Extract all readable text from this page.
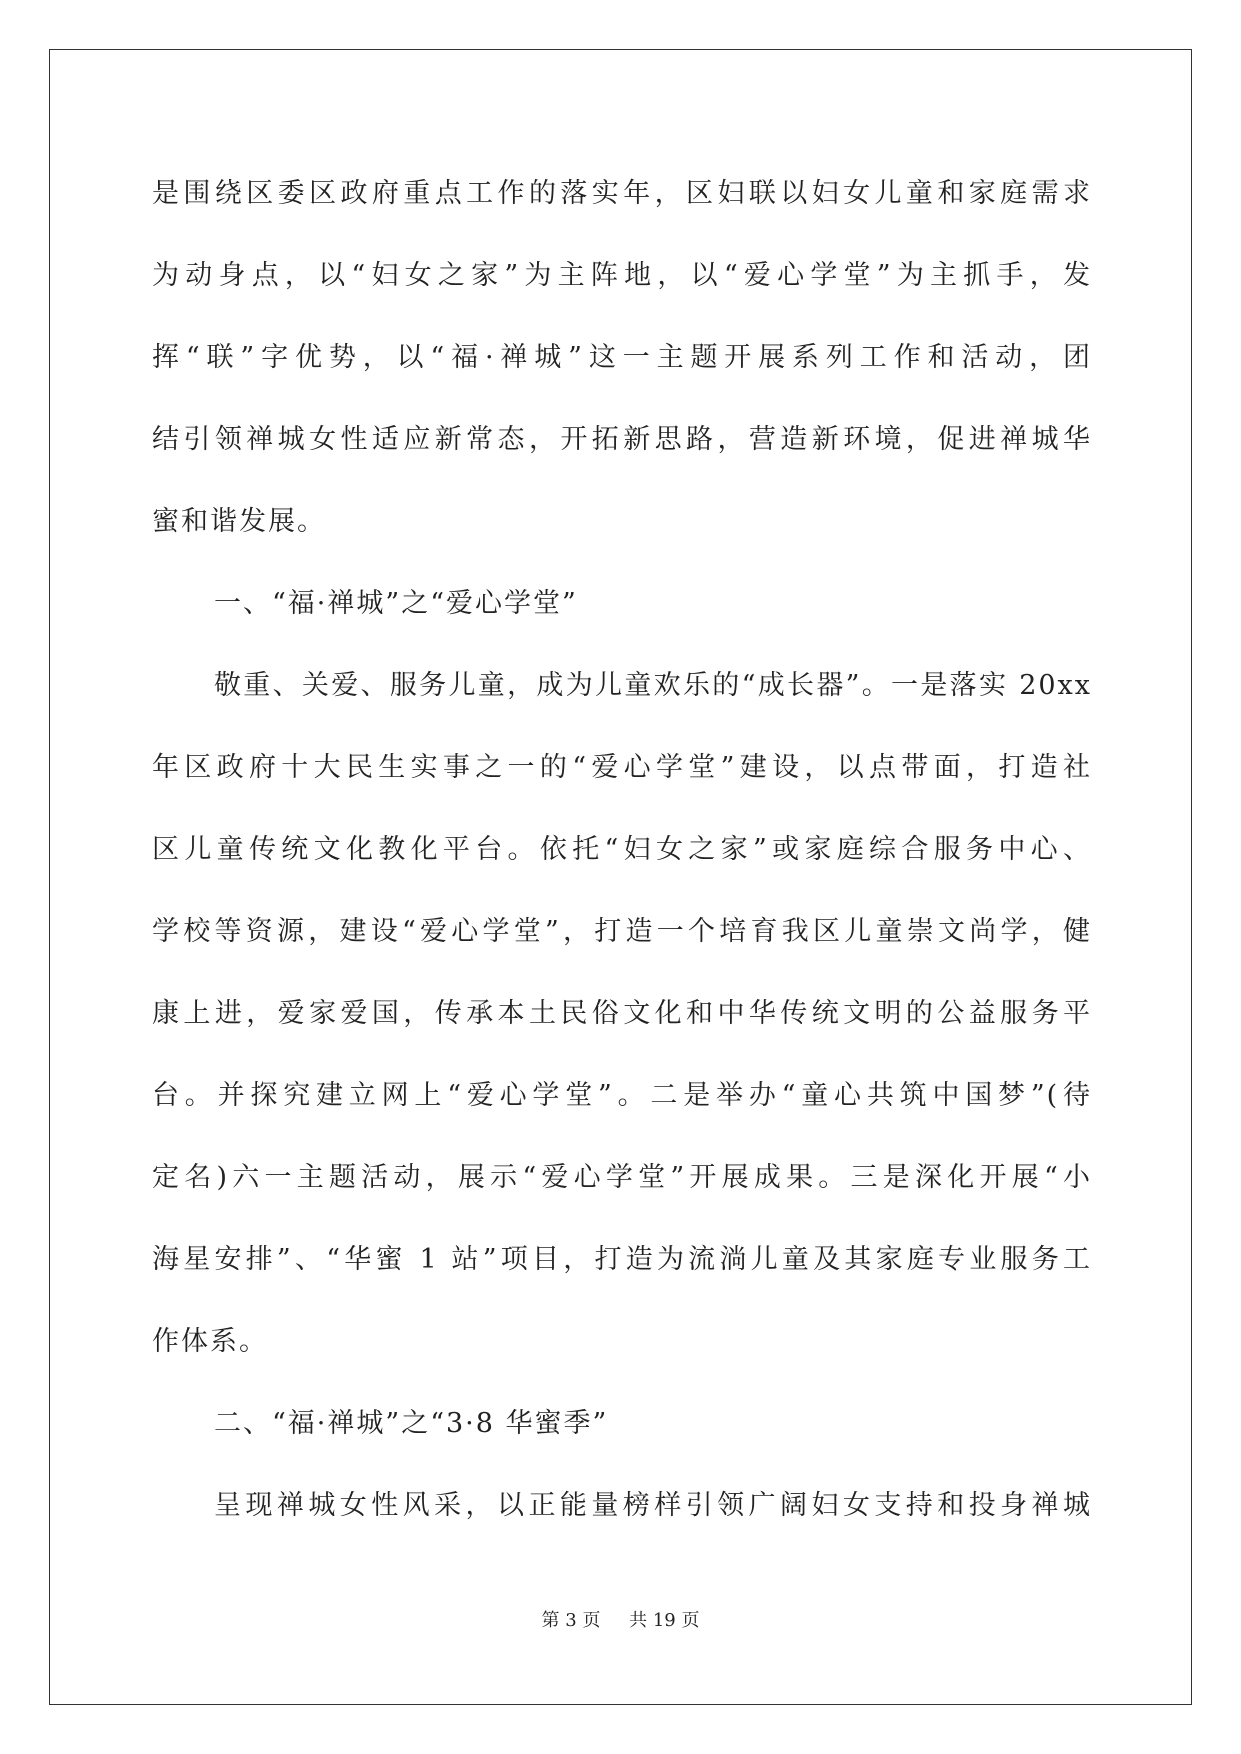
是围绕区委区政府重点工作的落实年，区妇联以妇女儿童和家庭需求
为动身点，以“妇女之家”为主阵地，以“爱心学堂”为主抓手，发
挥“联”字优势，以“福·禅城”这一主题开展系列工作和活动，团
结引领禅城女性适应新常态，开拓新思路，营造新环境，促进禅城华
蜜和谐发展。
一、“福·禅城”之“爱心学堂”
敬重、关爱、服务儿童，成为儿童欢乐的“成长器”。一是落实 20xx
年区政府十大民生实事之一的“爱心学堂”建设，以点带面，打造社
区儿童传统文化教化平台。依托“妇女之家”或家庭综合服务中心、
学校等资源，建设“爱心学堂”，打造一个培育我区儿童崇文尚学，健
康上进，爱家爱国，传承本土民俗文化和中华传统文明的公益服务平
台。并探究建立网上“爱心学堂”。二是举办“童心共筑中国梦”(待
定名)六一主题活动，展示“爱心学堂”开展成果。三是深化开展“小
海星安排”、“华蜜 1 站”项目，打造为流淌儿童及其家庭专业服务工
作体系。
二、“福·禅城”之“3·8 华蜜季”
呈现禅城女性风采，以正能量榜样引领广阔妇女支持和投身禅城
第 3 页 共 19 页
